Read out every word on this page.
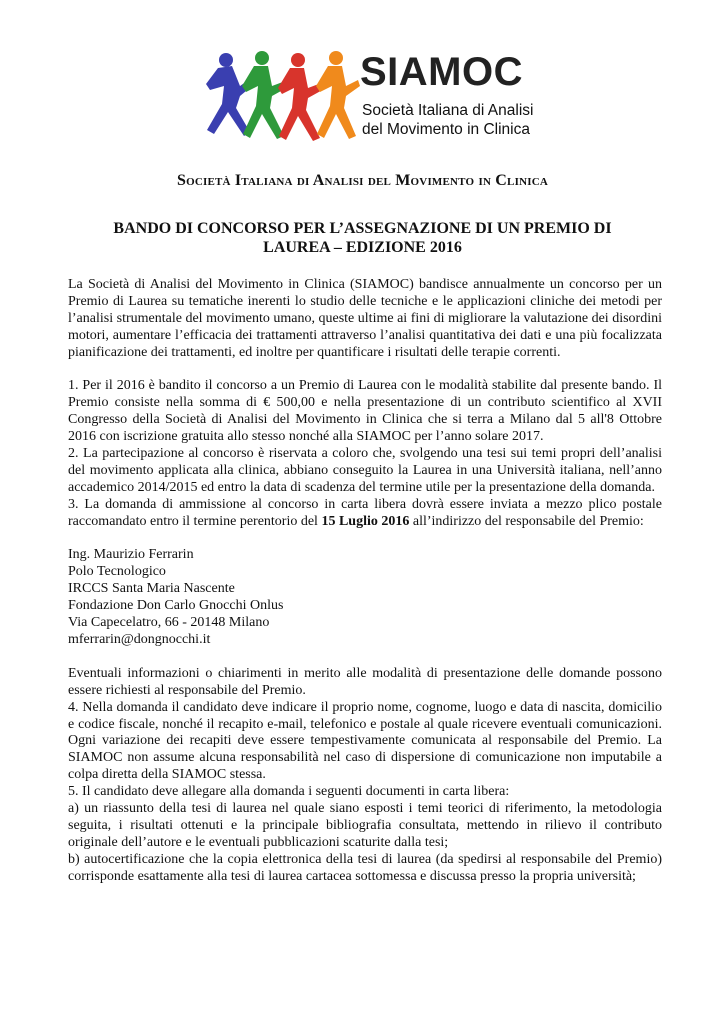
SIAMOC
Società Italiana di Analisi
del Movimento in Clinica
Società Italiana di Analisi del Movimento in Clinica
BANDO DI CONCORSO PER L’ASSEGNAZIONE DI UN PREMIO DI LAUREA – EDIZIONE 2016

La Società di Analisi del Movimento in Clinica (SIAMOC) bandisce annualmente un concorso per un Premio di Laurea su tematiche inerenti lo studio delle tecniche e le applicazioni cliniche dei metodi per l’analisi strumentale del movimento umano, queste ultime ai fini di migliorare la valutazione dei disordini motori, aumentare l’efficacia dei trattamenti attraverso l’analisi quantitativa dei dati e una più focalizzata pianificazione dei trattamenti, ed inoltre per quantificare i risultati delle terapie correnti.

1. Per il 2016 è bandito il concorso a un Premio di Laurea con le modalità stabilite dal presente bando. Il Premio consiste nella somma di € 500,00 e nella presentazione di un contributo scientifico al XVII Congresso della Società di Analisi del Movimento in Clinica che si terra a Milano dal 5 all'8 Ottobre 2016 con iscrizione gratuita allo stesso nonché alla SIAMOC per l’anno solare 2017.

2. La partecipazione al concorso è riservata a coloro che, svolgendo una tesi sui temi propri dell’analisi del movimento applicata alla clinica, abbiano conseguito la Laurea in una Università italiana, nell’anno accademico 2014/2015 ed entro la data di scadenza del termine utile per la presentazione della domanda.

3. La domanda di ammissione al concorso in carta libera dovrà essere inviata a mezzo plico postale raccomandato entro il termine perentorio del 15 Luglio 2016 all’indirizzo del responsabile del Premio:

Ing. Maurizio Ferrarin

Polo Tecnologico

IRCCS Santa Maria Nascente

Fondazione Don Carlo Gnocchi Onlus

Via Capecelatro, 66 - 20148 Milano

mferrarin@dongnocchi.it

Eventuali informazioni o chiarimenti in merito alle modalità di presentazione delle domande possono essere richiesti al responsabile del Premio.

4. Nella domanda il candidato deve indicare il proprio nome, cognome, luogo e data di nascita, domicilio e codice fiscale, nonché il recapito e-mail, telefonico e postale al quale ricevere eventuali comunicazioni. Ogni variazione dei recapiti deve essere tempestivamente comunicata al responsabile del Premio. La SIAMOC non assume alcuna responsabilità nel caso di dispersione di comunicazione non imputabile a colpa diretta della SIAMOC stessa.

5. Il candidato deve allegare alla domanda i seguenti documenti in carta libera:

a) un riassunto della tesi di laurea nel quale siano esposti i temi teorici di riferimento, la metodologia seguita, i risultati ottenuti e la principale bibliografia consultata, mettendo in rilievo il contributo originale dell’autore e le eventuali pubblicazioni scaturite dalla tesi;

b) autocertificazione che la copia elettronica della tesi di laurea (da spedirsi al responsabile del Premio) corrisponde esattamente alla tesi di laurea cartacea sottomessa e discussa presso la propria università;
